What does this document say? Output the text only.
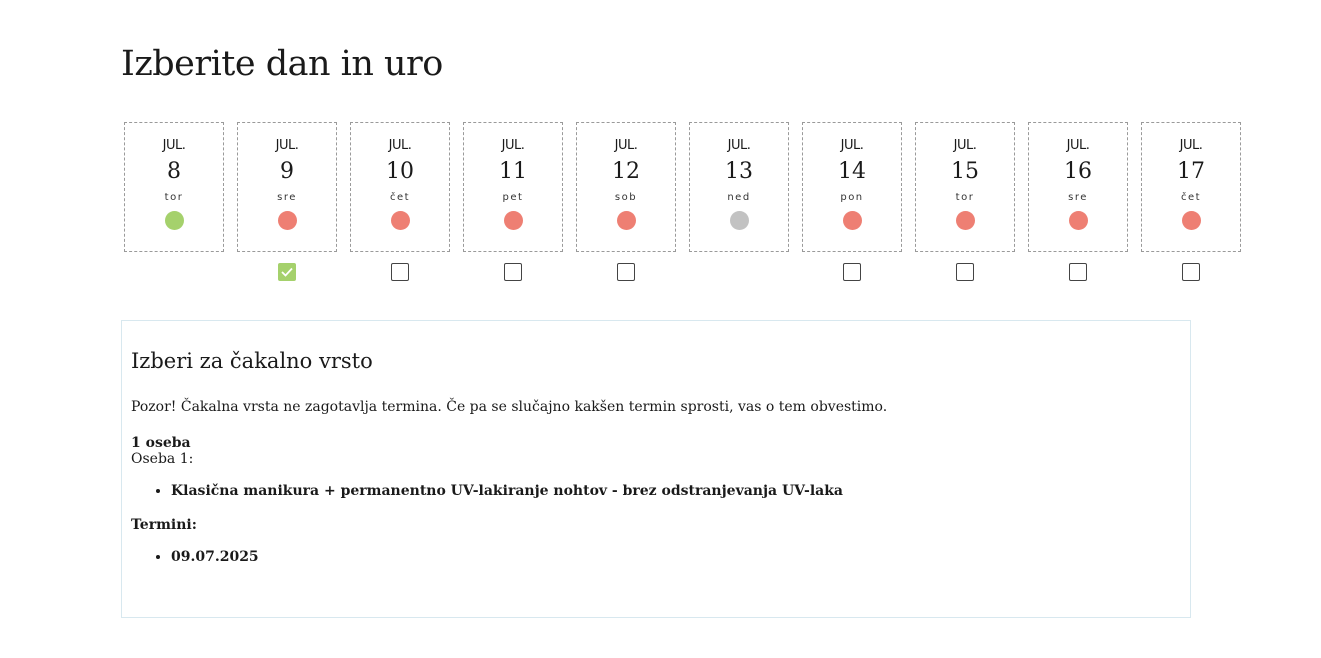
Izberite dan in uro
JUL.
8
tor
JUL.
9
sre
JUL.
10
čet
JUL.
11
pet
JUL.
12
sob
JUL.
13
ned
JUL.
14
pon
JUL.
15
tor
JUL.
16
sre
JUL.
17
čet
Izberi za čakalno vrsto

Pozor! Čakalna vrsta ne zagotavlja termina. Če pa se slučajno kakšen termin sprosti, vas o tem obvestimo.

1 oseba
Oseba 1:
• Klasična manikura + permanentno UV-lakiranje nohtov - brez odstranjevanja UV-laka
Termini:
• 09.07.2025
